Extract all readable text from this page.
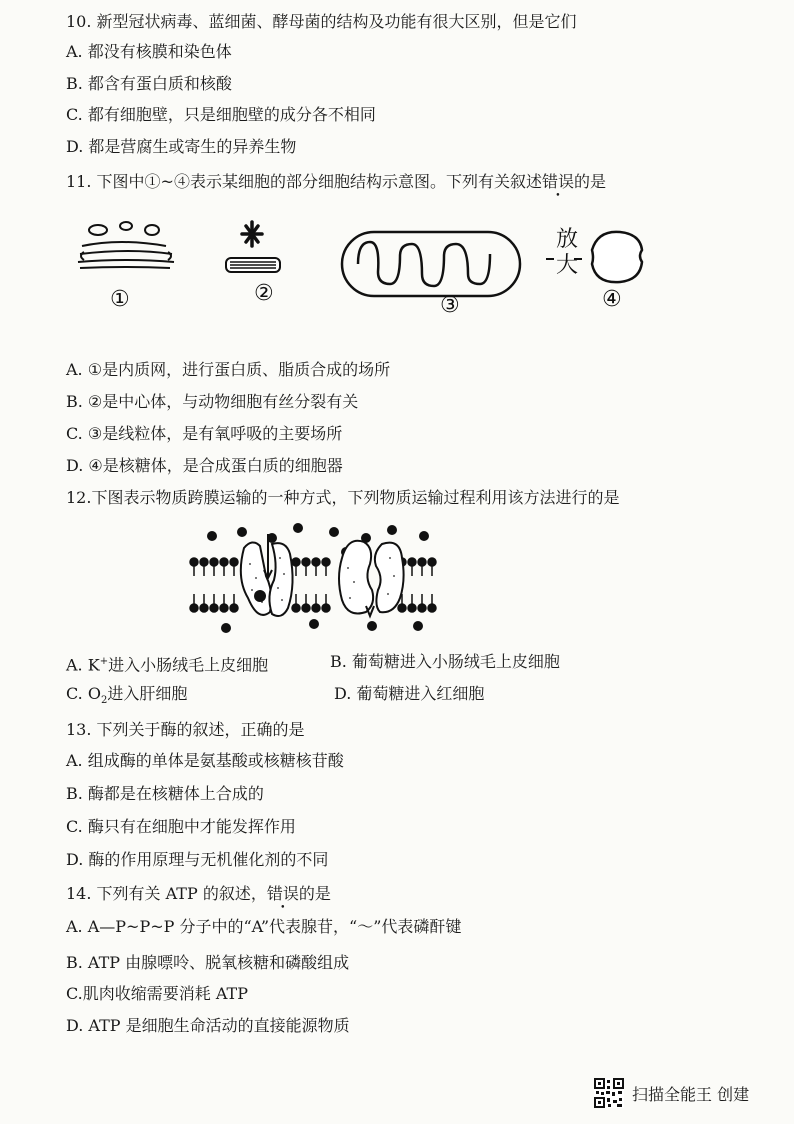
10. 新型冠状病毒、蓝细菌、酵母菌的结构及功能有很大区别，但是它们
A. 都没有核膜和染色体
B. 都含有蛋白质和核酸
C. 都有细胞壁，只是细胞壁的成分各不相同
D. 都是营腐生或寄生的异养生物
11. 下图中①~④表示某细胞的部分细胞结构示意图。下列有关叙述错误的是
放
大
①	②	③	④
A. ①是内质网，进行蛋白质、脂质合成的场所
B. ②是中心体，与动物细胞有丝分裂有关
C. ③是线粒体，是有氧呼吸的主要场所
D. ④是核糖体，是合成蛋白质的细胞器
12.下图表示物质跨膜运输的一种方式，下列物质运输过程利用该方法进行的是
A. K+进入小肠绒毛上皮细胞	B. 葡萄糖进入小肠绒毛上皮细胞
C. $O_2$进入肝细胞	D. 葡萄糖进入红细胞
13. 下列关于酶的叙述，正确的是
A. 组成酶的单体是氨基酸或核糖核苷酸
B. 酶都是在核糖体上合成的
C. 酶只有在细胞中才能发挥作用
D. 酶的作用原理与无机催化剂的不同
14. 下列有关 ATP 的叙述，错误的是
A. A—P~P~P 分子中的“A”代表腺苷，“～”代表磷酐键
B. ATP 由腺嘌呤、脱氧核糖和磷酸组成
C.肌肉收缩需要消耗 ATP
D. ATP 是细胞生命活动的直接能源物质
扫描全能王 创建
